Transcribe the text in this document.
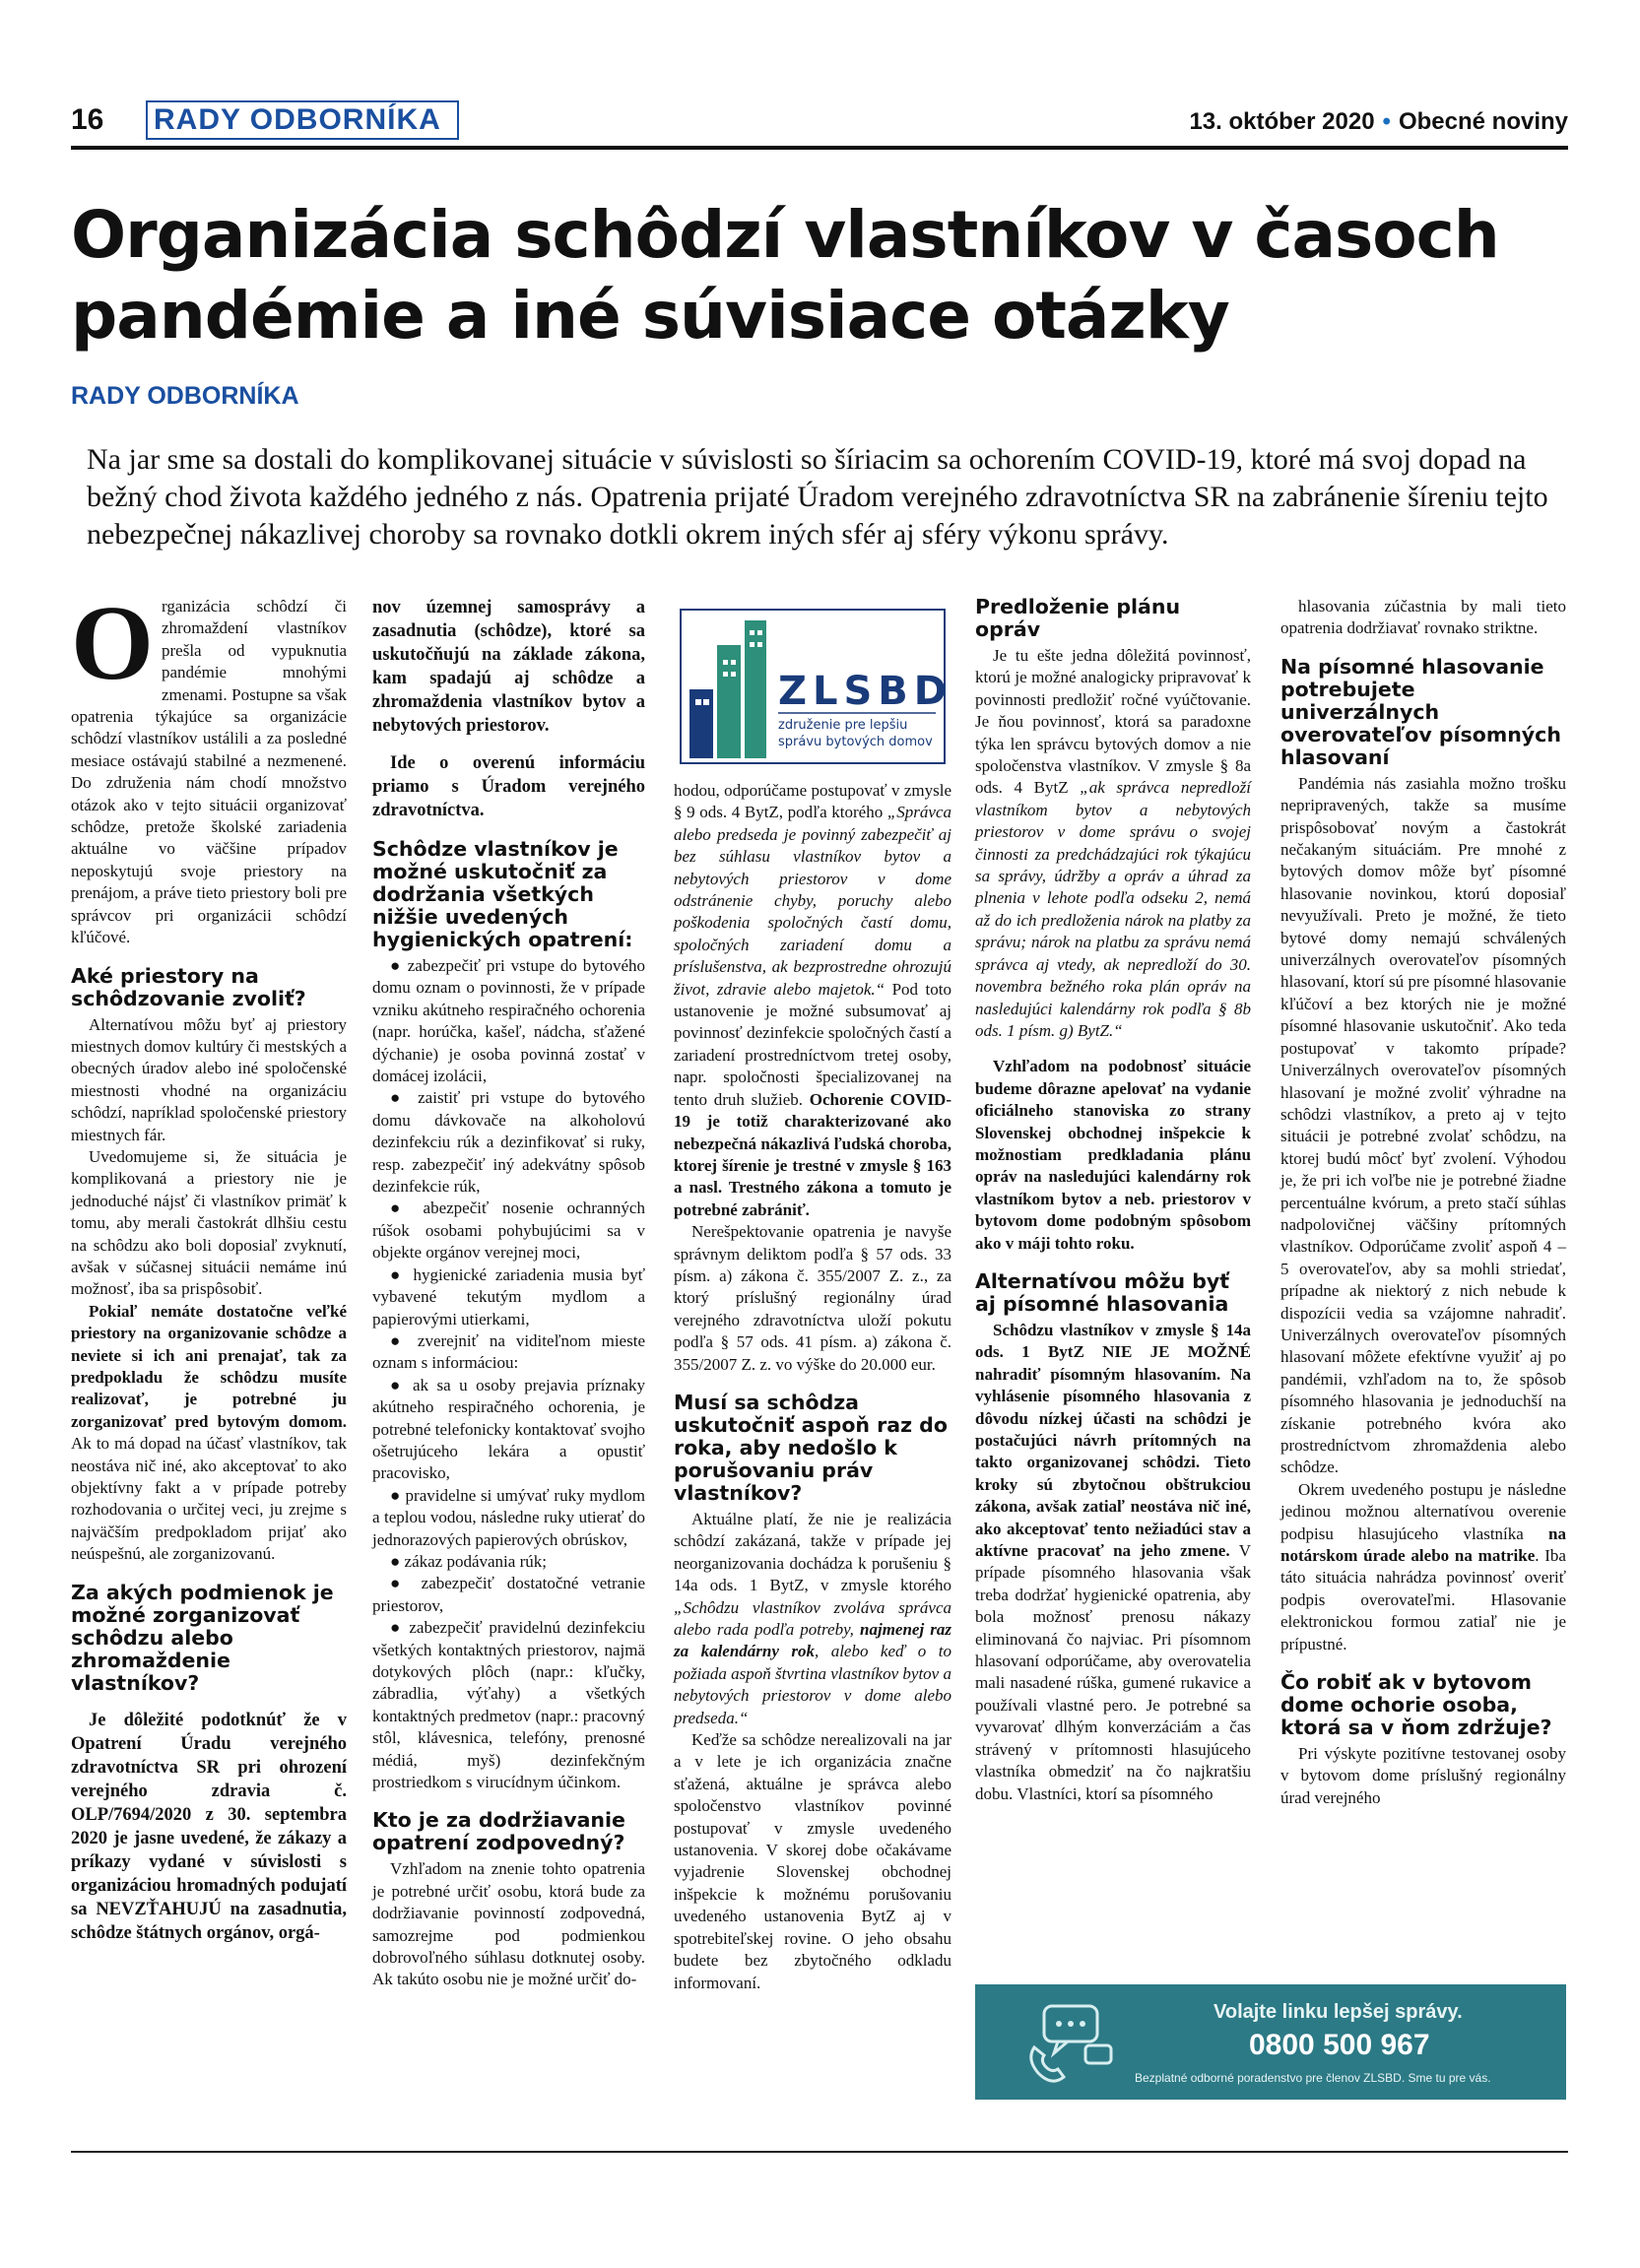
16 RADY ODBORNÍKA	13. október 2020 • Obecné noviny
Organizácia schôdzí vlastníkov v časoch pandémie a iné súvisiace otázky
RADY ODBORNÍKA
Na jar sme sa dostali do komplikovanej situácie v súvislosti so šíriacim sa ochorením COVID-19, ktoré má svoj dopad na bežný chod života každého jedného z nás. Opatrenia prijaté Úradom verejného zdravotníctva SR na zabránenie šíreniu tejto nebezpečnej nákazlivej choroby sa rovnako dotkli okrem iných sfér aj sféry výkonu správy.

Organizácia schôdzí či zhromaždení vlastníkov prešla od vypuknutia pandémie mnohými zmenami. Postupne sa však opatrenia týkajúce sa organizácie schôdzí vlastníkov ustálili a za posledné mesiace ostávajú stabilné a nezmenené. Do združenia nám chodí množstvo otázok ako v tejto situácii organizovať schôdze, pretože školské zariadenia aktuálne vo väčšine prípadov neposkytujú svoje priestory na prenájom, a práve tieto priestory boli pre správcov pri organizácii schôdzí kľúčové.

Aké priestory na schôdzovanie zvoliť?

Alternatívou môžu byť aj priestory miestnych domov kultúry či mestských a obecných úradov alebo iné spoločenské miestnosti vhodné na organizáciu schôdzí, napríklad spoločenské priestory miestnych fár.

Uvedomujeme si, že situácia je komplikovaná a priestory nie je jednoduché nájsť či vlastníkov primäť k tomu, aby merali častokrát dlhšiu cestu na schôdzu ako boli doposiaľ zvyknutí, avšak v súčasnej situácii nemáme inú možnosť, iba sa prispôsobiť.

Pokiaľ nemáte dostatočne veľké priestory na organizovanie schôdze a neviete si ich ani prenajať, tak za predpokladu že schôdzu musíte realizovať, je potrebné ju zorganizovať pred bytovým domom. Ak to má dopad na účasť vlastníkov, tak neostáva nič iné, ako akceptovať to ako objektívny fakt a v prípade potreby rozhodovania o určitej veci, ju zrejme s najväčším predpokladom prijať ako neúspešnú, ale zorganizovanú.

Za akých podmienok je možné zorganizovať schôdzu alebo zhromaždenie vlastníkov?

Je dôležité podotknúť že v Opatrení Úradu verejného zdravotníctva SR pri ohrození verejného zdravia č. OLP/7694/2020 z 30. septembra 2020 je jasne uvedené, že zákazy a príkazy vydané v súvislosti s organizáciou hromadných podujatí sa NEVZŤAHUJÚ na zasadnutia, schôdze štátnych orgánov, orgá-

nov územnej samosprávy a zasadnutia (schôdze), ktoré sa uskutočňujú na základe zákona, kam spadajú aj schôdze a zhromaždenia vlastníkov bytov a nebytových priestorov.

Ide o overenú informáciu priamo s Úradom verejného zdravotníctva.

Schôdze vlastníkov je možné uskutočniť za dodržania všetkých nižšie uvedených hygienických opatrení:

● zabezpečiť pri vstupe do bytového domu oznam o povinnosti, že v prípade vzniku akútneho respiračného ochorenia (napr. horúčka, kašeľ, nádcha, sťažené dýchanie) je osoba povinná zostať v domácej izolácii,

● zaistiť pri vstupe do bytového domu dávkovače na alkoholovú dezinfekciu rúk a dezinfikovať si ruky, resp. zabezpečiť iný adekvátny spôsob dezinfekcie rúk,

● abezpečiť nosenie ochranných rúšok osobami pohybujúcimi sa v objekte orgánov verejnej moci,

● hygienické zariadenia musia byť vybavené tekutým mydlom a papierovými utierkami,

● zverejniť na viditeľnom mieste oznam s informáciou:

● ak sa u osoby prejavia príznaky akútneho respiračného ochorenia, je potrebné telefonicky kontaktovať svojho ošetrujúceho lekára a opustiť pracovisko,

● pravidelne si umývať ruky mydlom a teplou vodou, následne ruky utierať do jednorazových papierových obrúskov,

● zákaz podávania rúk;

● zabezpečiť dostatočné vetranie priestorov,

● zabezpečiť pravidelnú dezinfekciu všetkých kontaktných priestorov, najmä dotykových plôch (napr.: kľučky, zábradlia, výťahy) a všetkých kontaktných predmetov (napr.: pracovný stôl, klávesnica, telefóny, prenosné médiá, myš) dezinfekčným prostriedkom s virucídnym účinkom.

Kto je za dodržiavanie opatrení zodpovedný?

Vzhľadom na znenie tohto opatrenia je potrebné určiť osobu, ktorá bude za dodržiavanie povinností zodpovedná, samozrejme pod podmienkou dobrovoľného súhlasu dotknutej osoby. Ak takúto osobu nie je možné určiť do-

ZLSBD
združenie pre lepšiu
správu bytových domov

hodou, odporúčame postupovať v zmysle § 9 ods. 4 BytZ, podľa ktorého „Správca alebo predseda je povinný zabezpečiť aj bez súhlasu vlastníkov bytov a nebytových priestorov v dome odstránenie chyby, poruchy alebo poškodenia spoločných častí domu, spoločných zariadení domu a príslušenstva, ak bezprostredne ohrozujú život, zdravie alebo majetok.“ Pod toto ustanovenie je možné subsumovať aj povinnosť dezinfekcie spoločných častí a zariadení prostredníctvom tretej osoby, napr. spoločnosti špecializovanej na tento druh služieb. Ochorenie COVID-19 je totiž charakterizované ako nebezpečná nákazlivá ľudská choroba, ktorej šírenie je trestné v zmysle § 163 a nasl. Trestného zákona a tomuto je potrebné zabrániť.

Nerešpektovanie opatrenia je navyše správnym deliktom podľa § 57 ods. 33 písm. a) zákona č. 355/2007 Z. z., za ktorý príslušný regionálny úrad verejného zdravotníctva uloží pokutu podľa § 57 ods. 41 písm. a) zákona č. 355/2007 Z. z. vo výške do 20.000 eur.

Musí sa schôdza uskutočniť aspoň raz do roka, aby nedošlo k porušovaniu práv vlastníkov?

Aktuálne platí, že nie je realizácia schôdzí zakázaná, takže v prípade jej neorganizovania dochádza k porušeniu § 14a ods. 1 BytZ, v zmysle ktorého „Schôdzu vlastníkov zvoláva správca alebo rada podľa potreby, najmenej raz za kalendárny rok, alebo keď o to požiada aspoň štvrtina vlastníkov bytov a nebytových priestorov v dome alebo predseda.“

Keďže sa schôdze nerealizovali na jar a v lete je ich organizácia značne sťažená, aktuálne je správca alebo spoločenstvo vlastníkov povinné postupovať v zmysle uvedeného ustanovenia. V skorej dobe očakávame vyjadrenie Slovenskej obchodnej inšpekcie k možnému porušovaniu uvedeného ustanovenia BytZ aj v spotrebiteľskej rovine. O jeho obsahu budete bez zbytočného odkladu informovaní.

Predloženie plánu opráv

Je tu ešte jedna dôležitá povinnosť, ktorú je možné analogicky pripravovať k povinnosti predložiť ročné vyúčtovanie. Je ňou povinnosť, ktorá sa paradoxne týka len správcu bytových domov a nie spoločenstva vlastníkov. V zmysle § 8a ods. 4 BytZ „ak správca nepredloží vlastníkom bytov a nebytových priestorov v dome správu o svojej činnosti za predchádzajúci rok týkajúcu sa správy, údržby a opráv a úhrad za plnenia v lehote podľa odseku 2, nemá až do ich predloženia nárok na platby za správu; nárok na platbu za správu nemá správca aj vtedy, ak nepredloží do 30. novembra bežného roka plán opráv na nasledujúci kalendárny rok podľa § 8b ods. 1 písm. g) BytZ.“

Vzhľadom na podobnosť situácie budeme dôrazne apelovať na vydanie oficiálneho stanoviska zo strany Slovenskej obchodnej inšpekcie k možnostiam predkladania plánu opráv na nasledujúci kalendárny rok vlastníkom bytov a neb. priestorov v bytovom dome podobným spôsobom ako v máji tohto roku.

Alternatívou môžu byť aj písomné hlasovania

Schôdzu vlastníkov v zmysle § 14a ods. 1 BytZ NIE JE MOŽNÉ nahradiť písomným hlasovaním. Na vyhlásenie písomného hlasovania z dôvodu nízkej účasti na schôdzi je postačujúci návrh prítomných na takto organizovanej schôdzi. Tieto kroky sú zbytočnou obštrukciou zákona, avšak zatiaľ neostáva nič iné, ako akceptovať tento nežiadúci stav a aktívne pracovať na jeho zmene. V prípade písomného hlasovania však treba dodržať hygienické opatrenia, aby bola možnosť prenosu nákazy eliminovaná čo najviac. Pri písomnom hlasovaní odporúčame, aby overovatelia mali nasadené rúška, gumené rukavice a používali vlastné pero. Je potrebné sa vyvarovať dlhým konverzáciám a čas strávený v prítomnosti hlasujúceho vlastníka obmedziť na čo najkratšiu dobu. Vlastníci, ktorí sa písomného

hlasovania zúčastnia by mali tieto opatrenia dodržiavať rovnako striktne.

Na písomné hlasovanie potrebujete univerzálnych overovateľov písomných hlasovaní

Pandémia nás zasiahla možno trošku nepripravených, takže sa musíme prispôsobovať novým a častokrát nečakaným situáciám. Pre mnohé z bytových domov môže byť písomné hlasovanie novinkou, ktorú doposiaľ nevyužívali. Preto je možné, že tieto bytové domy nemajú schválených univerzálnych overovateľov písomných hlasovaní, ktorí sú pre písomné hlasovanie kľúčoví a bez ktorých nie je možné písomné hlasovanie uskutočniť. Ako teda postupovať v takomto prípade? Univerzálnych overovateľov písomných hlasovaní je možné zvoliť výhradne na schôdzi vlastníkov, a preto aj v tejto situácii je potrebné zvolať schôdzu, na ktorej budú môcť byť zvolení. Výhodou je, že pri ich voľbe nie je potrebné žiadne percentuálne kvórum, a preto stačí súhlas nadpolovičnej väčšiny prítomných vlastníkov. Odporúčame zvoliť aspoň 4 – 5 overovateľov, aby sa mohli striedať, prípadne ak niektorý z nich nebude k dispozícii vedia sa vzájomne nahradiť. Univerzálnych overovateľov písomných hlasovaní môžete efektívne využiť aj po pandémii, vzhľadom na to, že spôsob písomného hlasovania je jednoduchší na získanie potrebného kvóra ako prostredníctvom zhromaždenia alebo schôdze.

Okrem uvedeného postupu je následne jedinou možnou alternatívou overenie podpisu hlasujúceho vlastníka na notárskom úrade alebo na matrike. Iba táto situácia nahrádza povinnosť overiť podpis overovateľmi. Hlasovanie elektronickou formou zatiaľ nie je prípustné.

Čo robiť ak v bytovom dome ochorie osoba, ktorá sa v ňom zdržuje?

Pri výskyte pozitívne testovanej osoby v bytovom dome príslušný regionálny úrad verejného

Volajte linku lepšej správy.
0800 500 967
Bezplatné odborné poradenstvo pre členov ZLSBD. Sme tu pre vás.
